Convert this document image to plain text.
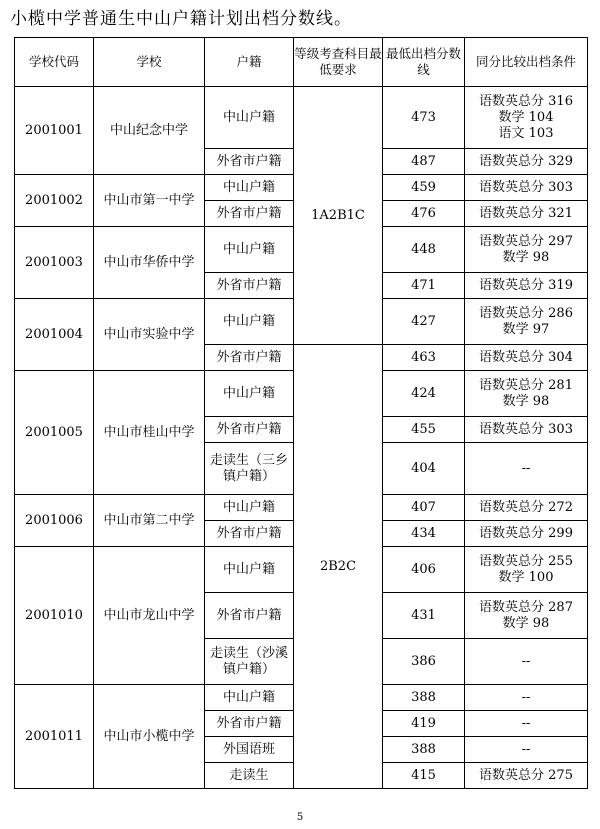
小榄中学普通生中山户籍计划出档分数线。
学校代码	学校	户籍	等级考查科目最低要求	最低出档分数线	同分比较出档条件
2001001	中山纪念中学	中山户籍	1A2B1C	473	语数英总分 316
数学 104
语文 103
		外省市户籍		487	语数英总分 329
2001002	中山市第一中学	中山户籍		459	语数英总分 303
		外省市户籍		476	语数英总分 321
2001003	中山市华侨中学	中山户籍		448	语数英总分 297
数学 98
		外省市户籍		471	语数英总分 319
2001004	中山市实验中学	中山户籍		427	语数英总分 286
数学 97
		外省市户籍	2B2C	463	语数英总分 304
2001005	中山市桂山中学	中山户籍		424	语数英总分 281
数学 98
		外省市户籍		455	语数英总分 303
		走读生（三乡
镇户籍）		404	--
2001006	中山市第二中学	中山户籍		407	语数英总分 272
		外省市户籍		434	语数英总分 299
2001010	中山市龙山中学	中山户籍		406	语数英总分 255
数学 100
		外省市户籍		431	语数英总分 287
数学 98
		走读生（沙溪
镇户籍）		386	--
2001011	中山市小榄中学	中山户籍		388	--
		外省市户籍		419	--
		外国语班		388	--
		走读生		415	语数英总分 275
5
